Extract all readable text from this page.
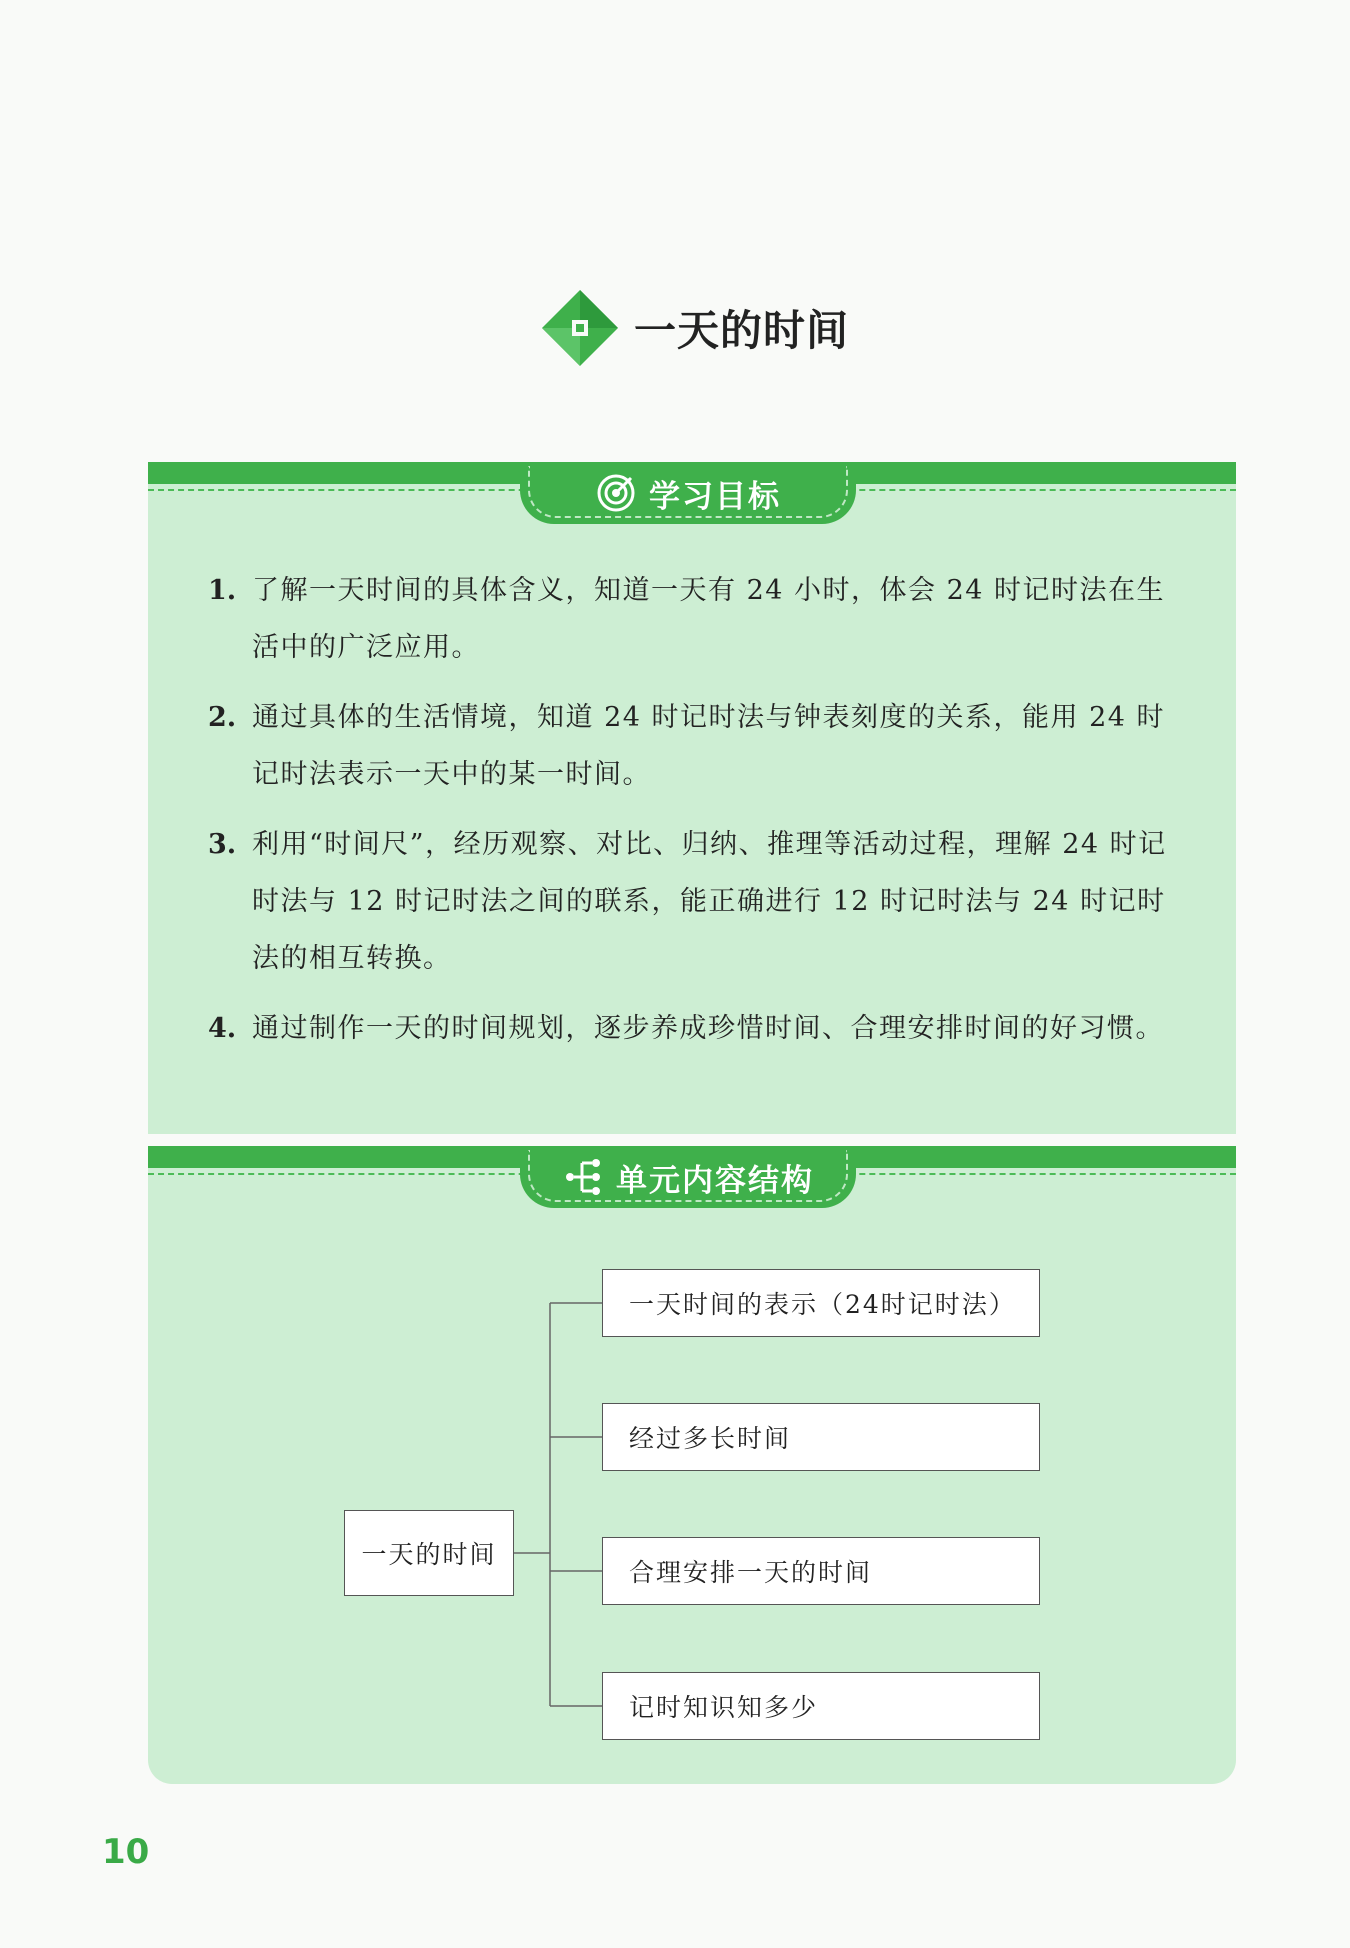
一天的时间
学习目标
1. 了解一天时间的具体含义，知道一天有 24 小时，体会 24 时记时法在生活中的广泛应用。
2. 通过具体的生活情境，知道 24 时记时法与钟表刻度的关系，能用 24 时记时法表示一天中的某一时间。
3. 利用“时间尺”，经历观察、对比、归纳、推理等活动过程，理解 24 时记时法与 12 时记时法之间的联系，能正确进行 12 时记时法与 24 时记时法的相互转换。
4. 通过制作一天的时间规划，逐步养成珍惜时间、合理安排时间的好习惯。
单元内容结构
一天的时间
一天时间的表示（24时记时法）
经过多长时间
合理安排一天的时间
记时知识知多少
10
